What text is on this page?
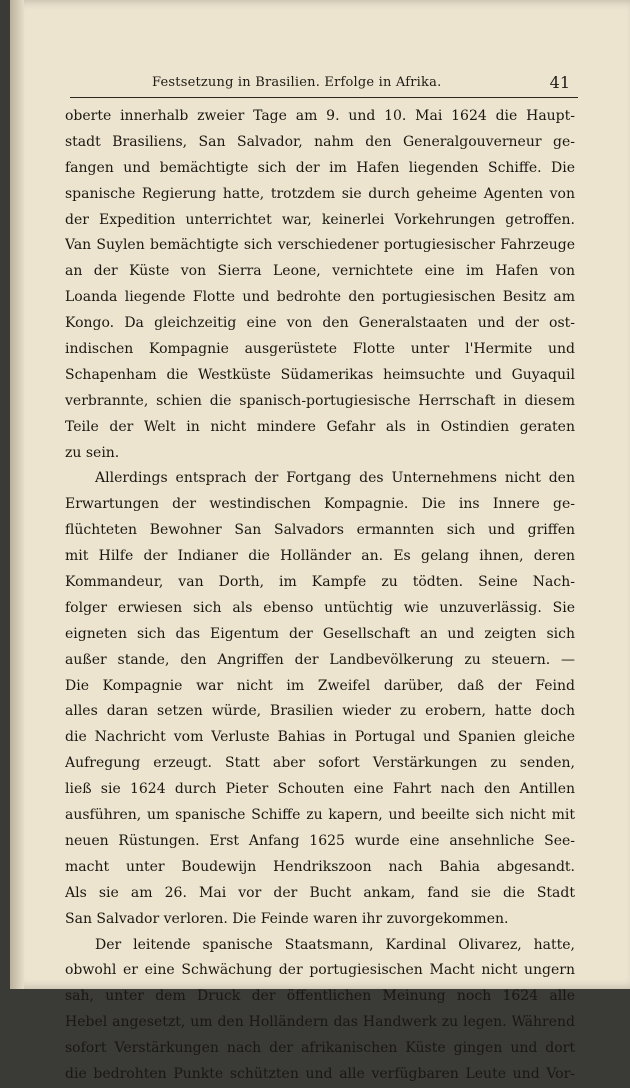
Festsetzung in Brasilien. Erfolge in Afrika.	41
oberte innerhalb zweier Tage am 9. und 10. Mai 1624 die Haupt-
stadt Brasiliens, San Salvador, nahm den Generalgouverneur ge-
fangen und bemächtigte sich der im Hafen liegenden Schiffe. Die
spanische Regierung hatte, trotzdem sie durch geheime Agenten von
der Expedition unterrichtet war, keinerlei Vorkehrungen getroffen.
Van Suylen bemächtigte sich verschiedener portugiesischer Fahrzeuge
an der Küste von Sierra Leone, vernichtete eine im Hafen von
Loanda liegende Flotte und bedrohte den portugiesischen Besitz am
Kongo. Da gleichzeitig eine von den Generalstaaten und der ost-
indischen Kompagnie ausgerüstete Flotte unter l'Hermite und
Schapenham die Westküste Südamerikas heimsuchte und Guyaquil
verbrannte, schien die spanisch-portugiesische Herrschaft in diesem
Teile der Welt in nicht mindere Gefahr als in Ostindien geraten
zu sein.
Allerdings entsprach der Fortgang des Unternehmens nicht den
Erwartungen der westindischen Kompagnie. Die ins Innere ge-
flüchteten Bewohner San Salvadors ermannten sich und griffen
mit Hilfe der Indianer die Holländer an. Es gelang ihnen, deren
Kommandeur, van Dorth, im Kampfe zu tödten. Seine Nach-
folger erwiesen sich als ebenso untüchtig wie unzuverlässig. Sie
eigneten sich das Eigentum der Gesellschaft an und zeigten sich
außer stande, den Angriffen der Landbevölkerung zu steuern. —
Die Kompagnie war nicht im Zweifel darüber, daß der Feind
alles daran setzen würde, Brasilien wieder zu erobern, hatte doch
die Nachricht vom Verluste Bahias in Portugal und Spanien gleiche
Aufregung erzeugt. Statt aber sofort Verstärkungen zu senden,
ließ sie 1624 durch Pieter Schouten eine Fahrt nach den Antillen
ausführen, um spanische Schiffe zu kapern, und beeilte sich nicht mit
neuen Rüstungen. Erst Anfang 1625 wurde eine ansehnliche See-
macht unter Boudewijn Hendrikszoon nach Bahia abgesandt.
Als sie am 26. Mai vor der Bucht ankam, fand sie die Stadt
San Salvador verloren. Die Feinde waren ihr zuvorgekommen.
Der leitende spanische Staatsmann, Kardinal Olivarez, hatte,
obwohl er eine Schwächung der portugiesischen Macht nicht ungern
sah, unter dem Druck der öffentlichen Meinung noch 1624 alle
Hebel angesetzt, um den Holländern das Handwerk zu legen. Während
sofort Verstärkungen nach der afrikanischen Küste gingen und dort
die bedrohten Punkte schützten und alle verfügbaren Leute und Vor-
